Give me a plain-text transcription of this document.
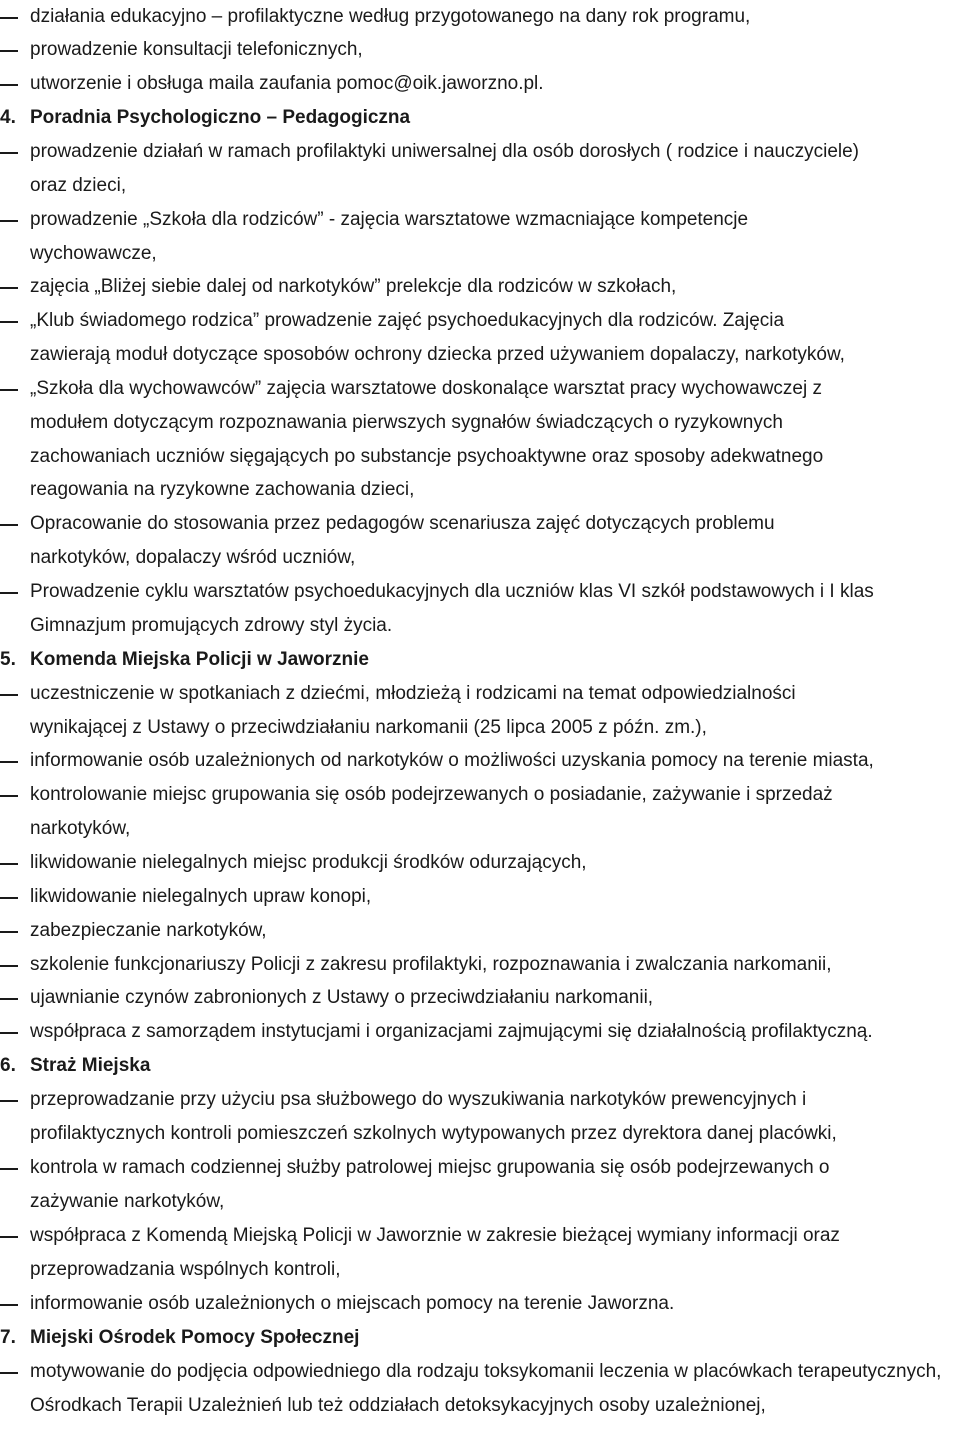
działania edukacyjno – profilaktyczne według przygotowanego na dany rok programu,
prowadzenie konsultacji telefonicznych,
utworzenie i obsługa maila zaufania pomoc@oik.jaworzno.pl.
4. Poradnia Psychologiczno – Pedagogiczna
prowadzenie działań w ramach profilaktyki uniwersalnej dla osób dorosłych ( rodzice i nauczyciele)
oraz dzieci,
prowadzenie „Szkoła dla rodziców” - zajęcia warsztatowe wzmacniające kompetencje
wychowawcze,
zajęcia „Bliżej siebie dalej od narkotyków” prelekcje dla rodziców w szkołach,
„Klub świadomego rodzica” prowadzenie zajęć psychoedukacyjnych dla rodziców. Zajęcia
zawierają moduł dotyczące sposobów ochrony dziecka przed używaniem dopalaczy, narkotyków,
„Szkoła dla wychowawców” zajęcia warsztatowe doskonalące warsztat pracy wychowawczej z
modułem dotyczącym rozpoznawania pierwszych sygnałów świadczących o ryzykownych
zachowaniach uczniów sięgających po substancje psychoaktywne oraz sposoby adekwatnego
reagowania na ryzykowne zachowania dzieci,
Opracowanie do stosowania przez pedagogów scenariusza zajęć dotyczących problemu
narkotyków, dopalaczy wśród uczniów,
Prowadzenie cyklu warsztatów psychoedukacyjnych dla uczniów klas VI szkół podstawowych i I klas
Gimnazjum promujących zdrowy styl życia.
5. Komenda Miejska Policji w Jaworznie
uczestniczenie w spotkaniach z dziećmi, młodzieżą i rodzicami na temat odpowiedzialności
wynikającej z Ustawy o przeciwdziałaniu narkomanii (25 lipca 2005 z późn. zm.),
informowanie osób uzależnionych od narkotyków o możliwości uzyskania pomocy na terenie miasta,
kontrolowanie miejsc grupowania się osób podejrzewanych o posiadanie, zażywanie i sprzedaż
narkotyków,
likwidowanie nielegalnych miejsc produkcji środków odurzających,
likwidowanie nielegalnych upraw konopi,
zabezpieczanie narkotyków,
szkolenie funkcjonariuszy Policji z zakresu profilaktyki, rozpoznawania i zwalczania narkomanii,
ujawnianie czynów zabronionych z Ustawy o przeciwdziałaniu narkomanii,
współpraca z samorządem instytucjami i organizacjami zajmującymi się działalnością profilaktyczną.
6. Straż Miejska
przeprowadzanie przy użyciu psa służbowego do wyszukiwania narkotyków prewencyjnych i
profilaktycznych kontroli pomieszczeń szkolnych wytypowanych przez dyrektora danej placówki,
kontrola w ramach codziennej służby patrolowej miejsc grupowania się osób podejrzewanych o
zażywanie narkotyków,
współpraca z Komendą Miejską Policji w Jaworznie w zakresie bieżącej wymiany informacji oraz
przeprowadzania wspólnych kontroli,
informowanie osób uzależnionych o miejscach pomocy na terenie Jaworzna.
7. Miejski Ośrodek Pomocy Społecznej
motywowanie do podjęcia odpowiedniego dla rodzaju toksykomanii leczenia w placówkach terapeutycznych,
Ośrodkach Terapii Uzależnień lub też oddziałach detoksykacyjnych osoby uzależnionej,
